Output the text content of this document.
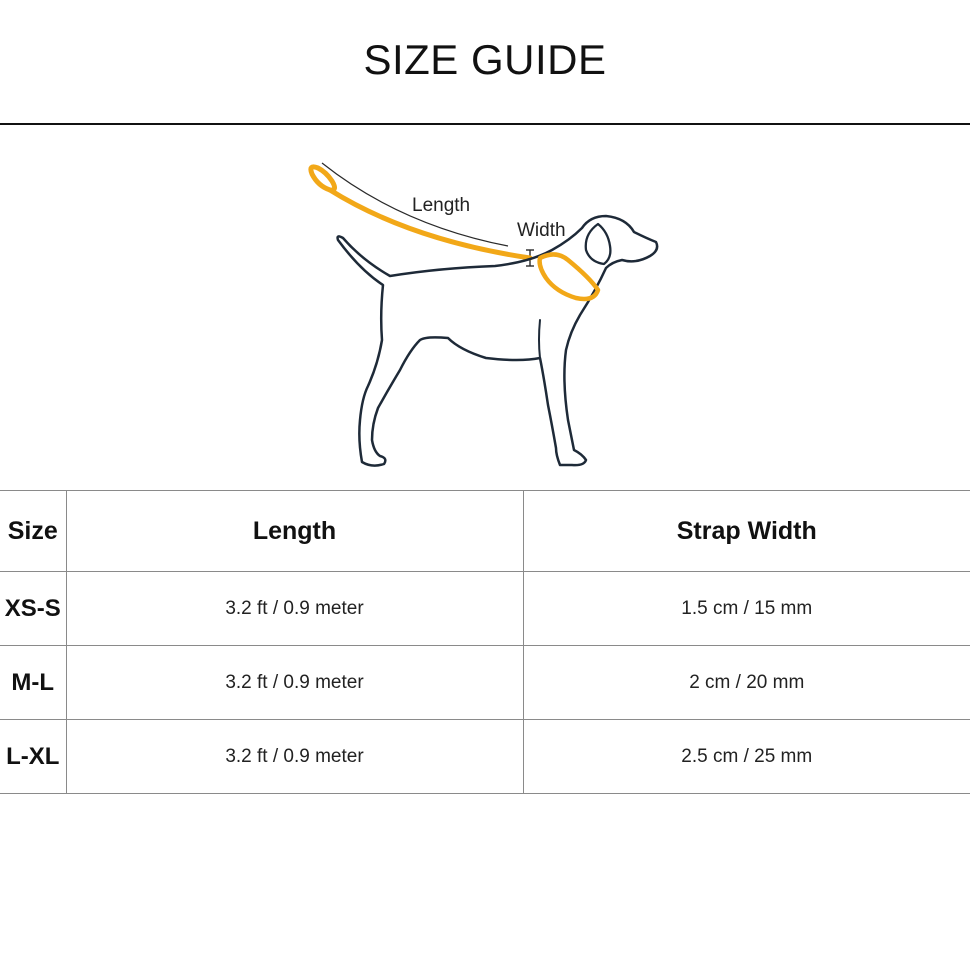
SIZE GUIDE
Length
Width
Size	Length	Strap Width
XS-S	3.2 ft / 0.9 meter	1.5 cm / 15 mm
M-L	3.2 ft / 0.9 meter	2 cm / 20 mm
L-XL	3.2 ft / 0.9 meter	2.5 cm / 25 mm
